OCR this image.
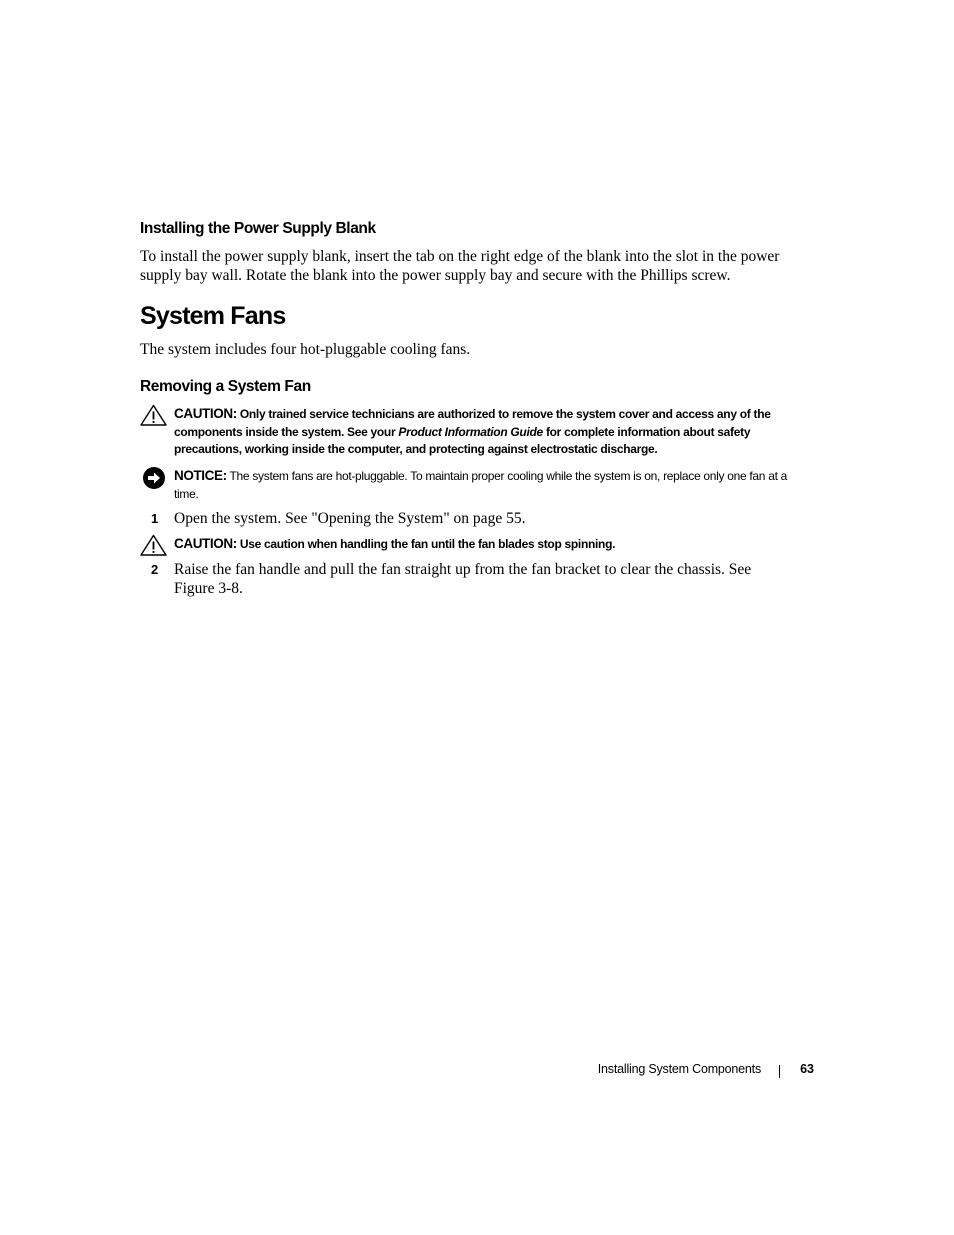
Installing the Power Supply Blank

To install the power supply blank, insert the tab on the right edge of the blank into the slot in the power supply bay wall. Rotate the blank into the power supply bay and secure with the Phillips screw.

System Fans

The system includes four hot-pluggable cooling fans.

Removing a System Fan
CAUTION: Only trained service technicians are authorized to remove the system cover and access any of the components inside the system. See your Product Information Guide for complete information about safety precautions, working inside the computer, and protecting against electrostatic discharge.
NOTICE: The system fans are hot-pluggable. To maintain proper cooling while the system is on, replace only one fan at a time.
1 Open the system. See "Opening the System" on page 55.
CAUTION: Use caution when handling the fan until the fan blades stop spinning.
2 Raise the fan handle and pull the fan straight up from the fan bracket to clear the chassis. See Figure 3-8.
Installing System Components	63
